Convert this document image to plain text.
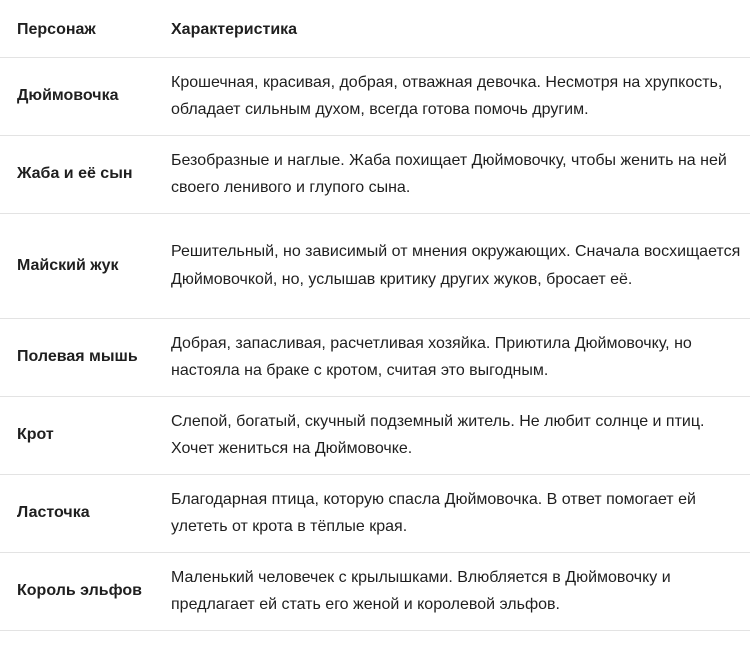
Персонаж	Характеристика
Дюймовочка	Крошечная, красивая, добрая, отважная девочка. Несмотря на хрупкость, обладает сильным духом, всегда готова помочь другим.
Жаба и её сын	Безобразные и наглые. Жаба похищает Дюймовочку, чтобы женить на ней своего ленивого и глупого сына.
Майский жук	Решительный, но зависимый от мнения окружающих. Сначала восхищается Дюймовочкой, но, услышав критику других жуков, бросает её.
Полевая мышь	Добрая, запасливая, расчетливая хозяйка. Приютила Дюймовочку, но настояла на браке с кротом, считая это выгодным.
Крот	Слепой, богатый, скучный подземный житель. Не любит солнце и птиц. Хочет жениться на Дюймовочке.
Ласточка	Благодарная птица, которую спасла Дюймовочка. В ответ помогает ей улететь от крота в тёплые края.
Король эльфов	Маленький человечек с крылышками. Влюбляется в Дюймовочку и предлагает ей стать его женой и королевой эльфов.
